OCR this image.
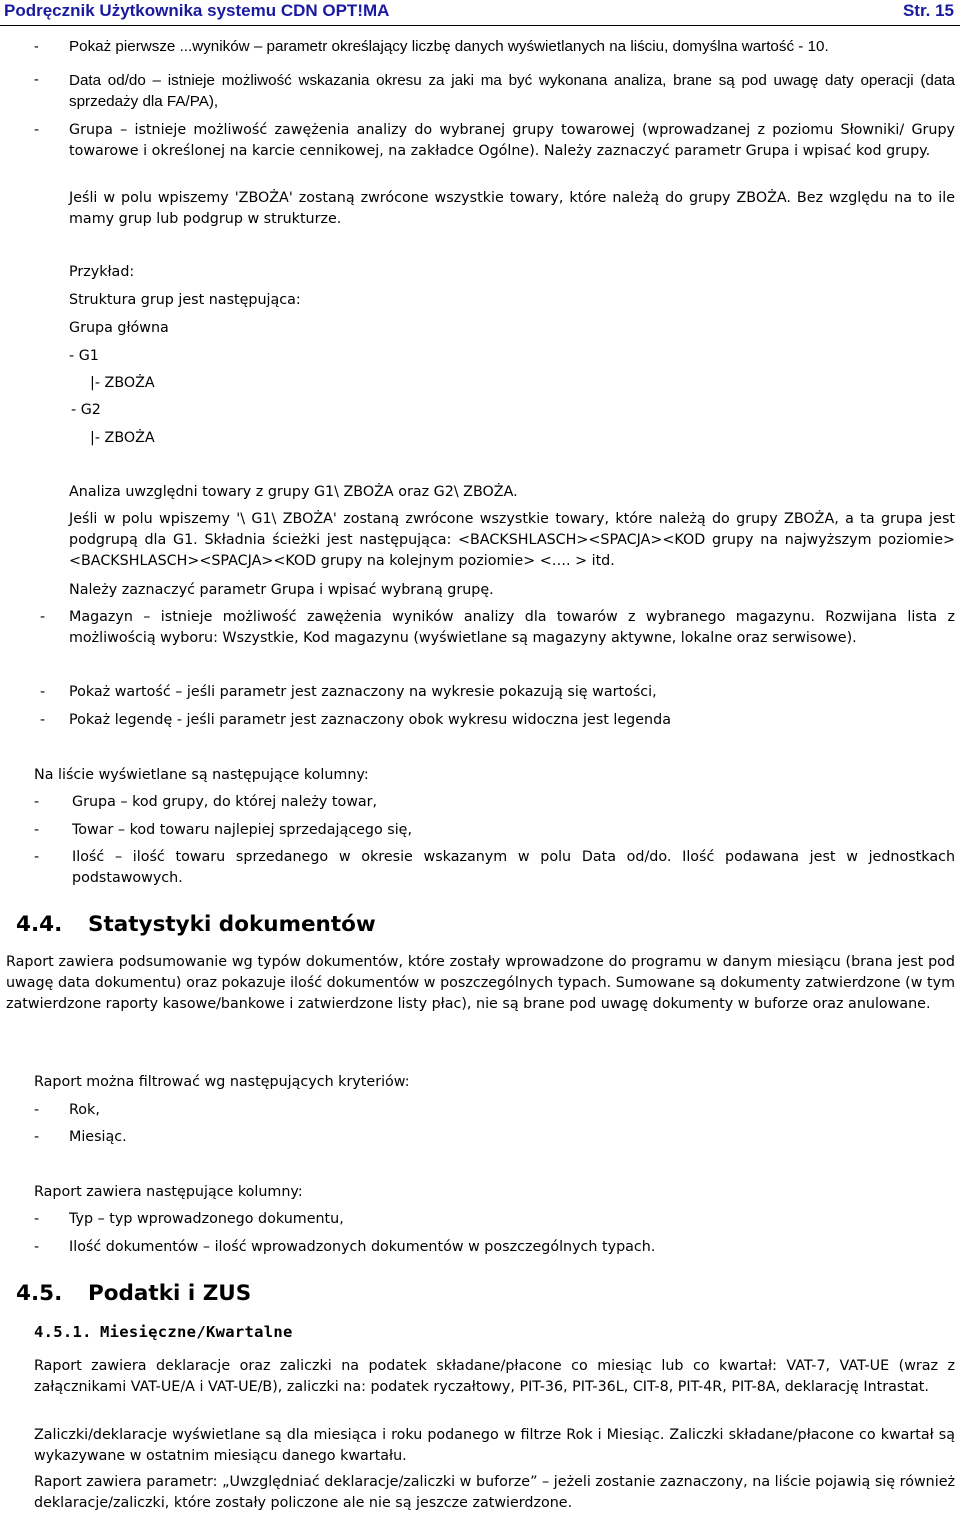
Podręcznik Użytkownika systemu CDN OPT!MA	Str. 15
- Pokaż pierwsze ...wyników – parametr określający liczbę danych wyświetlanych na liściu, domyślna wartość - 10.
- Data od/do – istnieje możliwość wskazania okresu za jaki ma być wykonana analiza, brane są pod uwagę daty operacji (data sprzedaży dla FA/PA),
- Grupa – istnieje możliwość zawężenia analizy do wybranej grupy towarowej (wprowadzanej z poziomu Słowniki/ Grupy towarowe i określonej na karcie cennikowej, na zakładce Ogólne). Należy zaznaczyć parametr Grupa i wpisać kod grupy.
Jeśli w polu wpiszemy 'ZBOŻA' zostaną zwrócone wszystkie towary, które należą do grupy ZBOŻA. Bez względu na to ile mamy grup lub podgrup w strukturze.
Przykład:
Struktura grup jest następująca:
Grupa główna
- G1
|- ZBOŻA
- G2
|- ZBOŻA
Analiza uwzględni towary z grupy G1\ ZBOŻA oraz G2\ ZBOŻA.
Jeśli w polu wpiszemy '\ G1\ ZBOŻA' zostaną zwrócone wszystkie towary, które należą do grupy ZBOŻA, a ta grupa jest podgrupą dla G1. Składnia ścieżki jest następująca: <BACKSHLASCH><SPACJA><KOD grupy na najwyższym poziomie><BACKSHLASCH><SPACJA><KOD grupy na kolejnym poziomie> <…. > itd.
Należy zaznaczyć parametr Grupa i wpisać wybraną grupę.
- Magazyn – istnieje możliwość zawężenia wyników analizy dla towarów z wybranego magazynu. Rozwijana lista z możliwością wyboru: Wszystkie, Kod magazynu (wyświetlane są magazyny aktywne, lokalne oraz serwisowe).
- Pokaż wartość – jeśli parametr jest zaznaczony na wykresie pokazują się wartości,
- Pokaż legendę - jeśli parametr jest zaznaczony obok wykresu widoczna jest legenda
Na liście wyświetlane są następujące kolumny:
- Grupa – kod grupy, do której należy towar,
- Towar – kod towaru najlepiej sprzedającego się,
- Ilość – ilość towaru sprzedanego w okresie wskazanym w polu Data od/do. Ilość podawana jest w jednostkach podstawowych.
4.4. Statystyki dokumentów
Raport zawiera podsumowanie wg typów dokumentów, które zostały wprowadzone do programu w danym miesiącu (brana jest pod uwagę data dokumentu) oraz pokazuje ilość dokumentów w poszczególnych typach. Sumowane są dokumenty zatwierdzone (w tym zatwierdzone raporty kasowe/bankowe i zatwierdzone listy płac), nie są brane pod uwagę dokumenty w buforze oraz anulowane.
Raport można filtrować wg następujących kryteriów:
- Rok,
- Miesiąc.
Raport zawiera następujące kolumny:
- Typ – typ wprowadzonego dokumentu,
- Ilość dokumentów – ilość wprowadzonych dokumentów w poszczególnych typach.
4.5. Podatki i ZUS
4.5.1. Miesięczne/Kwartalne
Raport zawiera deklaracje oraz zaliczki na podatek składane/płacone co miesiąc lub co kwartał: VAT-7, VAT-UE (wraz z załącznikami VAT-UE/A i VAT-UE/B), zaliczki na: podatek ryczałtowy, PIT-36, PIT-36L, CIT-8, PIT-4R, PIT-8A, deklarację Intrastat.
Zaliczki/deklaracje wyświetlane są dla miesiąca i roku podanego w filtrze Rok i Miesiąc. Zaliczki składane/płacone co kwartał są wykazywane w ostatnim miesiącu danego kwartału.
Raport zawiera parametr: „Uwzględniać deklaracje/zaliczki w buforze” – jeżeli zostanie zaznaczony, na liście pojawią się również deklaracje/zaliczki, które zostały policzone ale nie są jeszcze zatwierdzone.
